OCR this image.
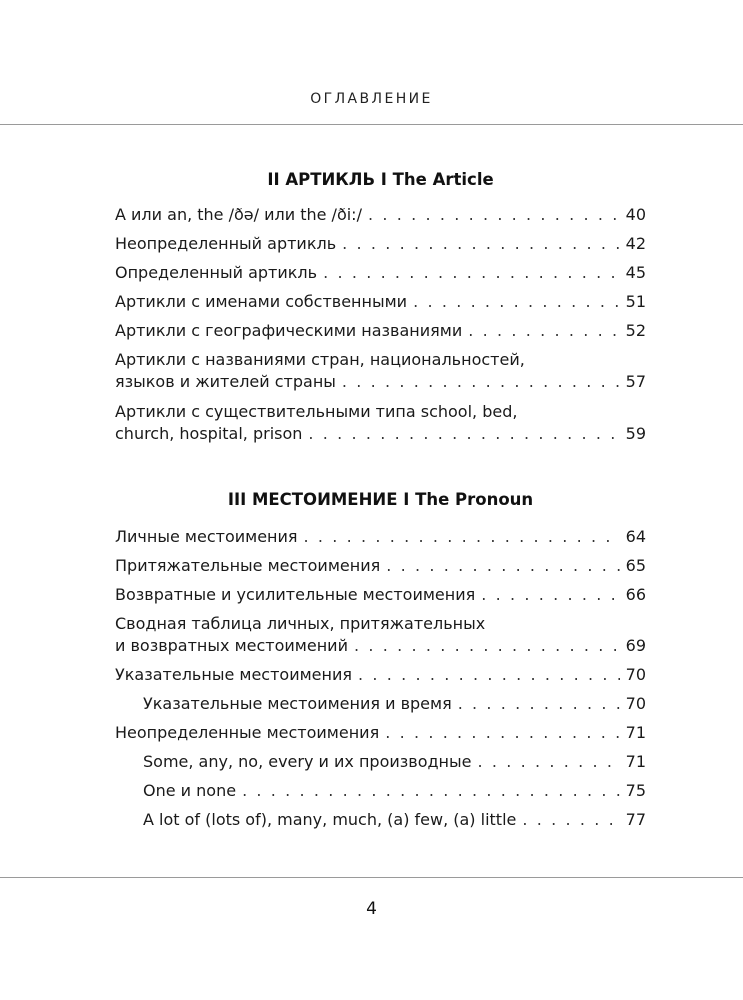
ОГЛАВЛЕНИЕ
II АРТИКЛЬ I The Article
A или an, the /ðə/ или the /ði:/ . . .	40
Неопределенный артикль . . .	42
Определенный артикль . . .	45
Артикли с именами собственными . . .	51
Артикли с географическими названиями . . .	52
Артикли с названиями стран, национальностей,
языков и жителей страны . . .	57
Артикли с существительными типа school, bed,
church, hospital, prison . . .	59
III МЕСТОИМЕНИЕ I The Pronoun
Личные местоимения . . .	64
Притяжательные местоимения . . .	65
Возвратные и усилительные местоимения . . .	66
Сводная таблица личных, притяжательных
и возвратных местоимений . . .	69
Указательные местоимения . . .	70
Указательные местоимения и время . . .	70
Неопределенные местоимения . . .	71
Some, any, no, every и их производные . . .	71
One и none . . .	75
A lot of (lots of), many, much, (a) few, (a) little . . .	77
4
